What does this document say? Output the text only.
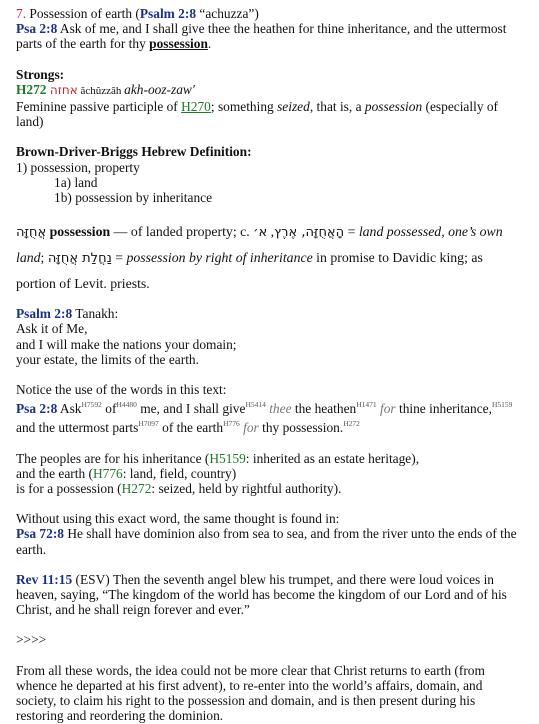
7. Possession of earth (Psalm 2:8 “achuzza”)

Psa 2:8 Ask of me, and I shall give thee the heathen for thine inheritance, and the uttermost parts of the earth for thy possession.

Strongs:

H272 אחזה ăchûzzâh akh-ooz-zaw'

Feminine passive participle of H270; something seized, that is, a possession (especially of land)

Brown-Driver-Briggs Hebrew Definition:

1) possession, property

1a) land

1b) possession by inheritance

אֲחֻזָּה possession — of landed property; c. הָאֲחֻזָּה, אֶרֶץ, א׳	= land possessed, one’s own land; נַחֲלַת אֲחֻזָּה = possession by right of inheritance in promise to Davidic king; as portion of Levit. priests.

Psalm 2:8 Tanakh:

Ask it of Me,

and I will make the nations your domain;

your estate, the limits of the earth.

Notice the use of the words in this text:

Psa 2:8 Ask$^{H7592}$ $of^{H4480}$ me, and I shall give$^{H5414}$ thee the heathen$^{H1471}$ for thine inheritance,$^{H5159}$ and the uttermost parts$^{H7097}$ of the earth$^{H776}$ for thy possession.$^{H272}$

The peoples are for his inheritance (H5159: inherited as an estate heritage),

and the earth (H776: land, field, country)

is for a possession (H272: seized, held by rightful authority).

Without using this exact word, the same thought is found in:

Psa 72:8 He shall have dominion also from sea to sea, and from the river unto the ends of the earth.

Rev 11:15 (ESV) Then the seventh angel blew his trumpet, and there were loud voices in heaven, saying, “The kingdom of the world has become the kingdom of our Lord and of his Christ, and he shall reign forever and ever.”

>>>>

From all these words, the idea could not be more clear that Christ returns to earth (from whence he departed at his first advent), to re-enter into the world’s affairs, domain, and society, to claim his right to the possession and domain, and is then present during his restoring and reordering the dominion.
